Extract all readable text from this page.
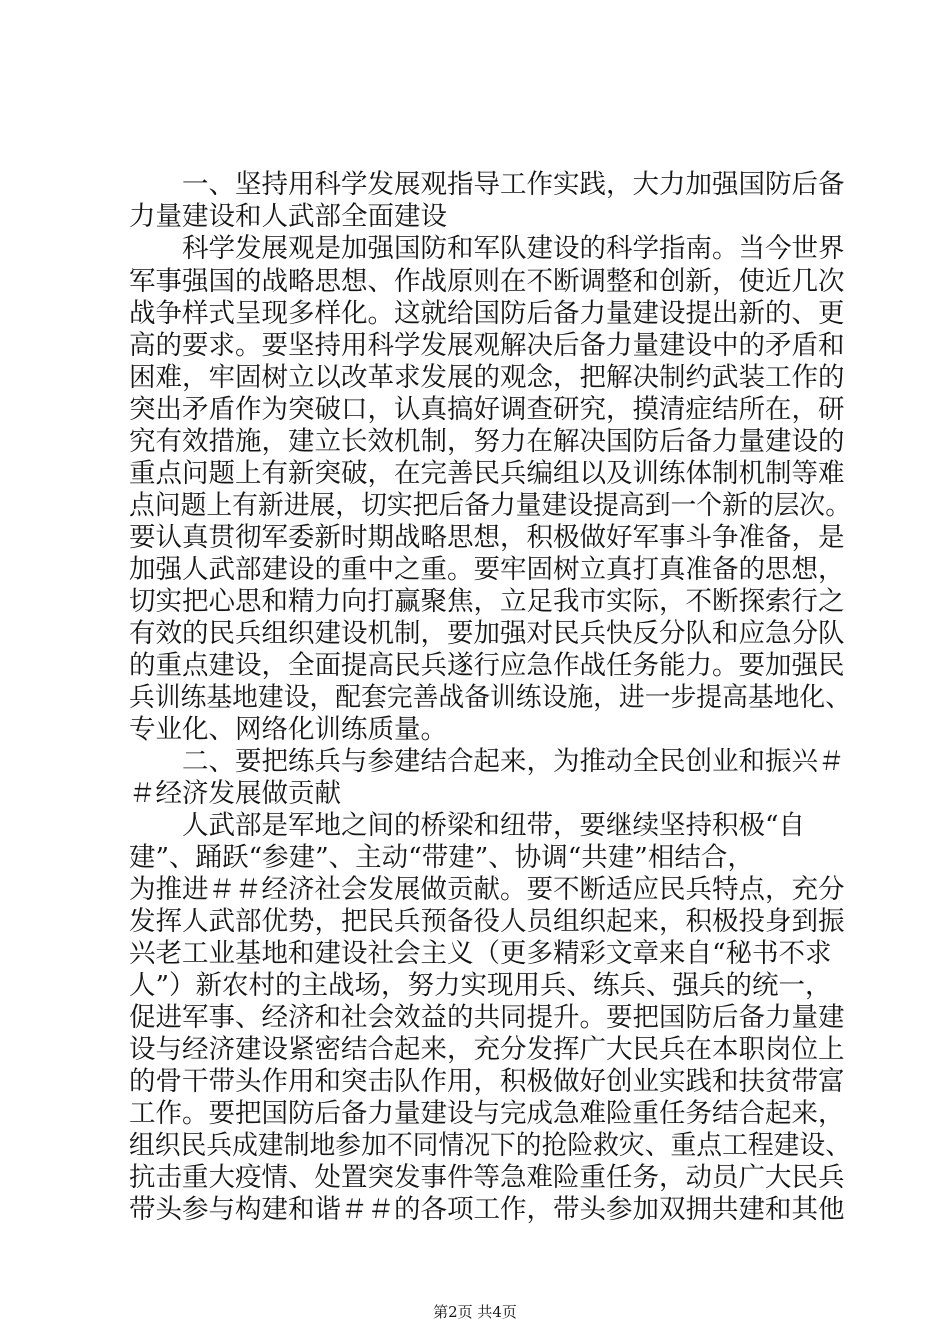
　　一、坚持用科学发展观指导工作实践，大力加强国防后备
力量建设和人武部全面建设
　　科学发展观是加强国防和军队建设的科学指南。当今世界
军事强国的战略思想、作战原则在不断调整和创新，使近几次
战争样式呈现多样化。这就给国防后备力量建设提出新的、更
高的要求。要坚持用科学发展观解决后备力量建设中的矛盾和
困难，牢固树立以改革求发展的观念，把解决制约武装工作的
突出矛盾作为突破口，认真搞好调查研究，摸清症结所在，研
究有效措施，建立长效机制，努力在解决国防后备力量建设的
重点问题上有新突破，在完善民兵编组以及训练体制机制等难
点问题上有新进展，切实把后备力量建设提高到一个新的层次。
要认真贯彻军委新时期战略思想，积极做好军事斗争准备，是
加强人武部建设的重中之重。要牢固树立真打真准备的思想，
切实把心思和精力向打赢聚焦，立足我市实际，不断探索行之
有效的民兵组织建设机制，要加强对民兵快反分队和应急分队
的重点建设，全面提高民兵遂行应急作战任务能力。要加强民
兵训练基地建设，配套完善战备训练设施，进一步提高基地化、
专业化、网络化训练质量。
　　二、要把练兵与参建结合起来，为推动全民创业和振兴＃
＃经济发展做贡献
　　人武部是军地之间的桥梁和纽带，要继续坚持积极“自
建”、踊跃“参建”、主动“带建”、协调“共建”相结合，
为推进＃＃经济社会发展做贡献。要不断适应民兵特点，充分
发挥人武部优势，把民兵预备役人员组织起来，积极投身到振
兴老工业基地和建设社会主义（更多精彩文章来自“秘书不求
人”）新农村的主战场，努力实现用兵、练兵、强兵的统一，
促进军事、经济和社会效益的共同提升。要把国防后备力量建
设与经济建设紧密结合起来，充分发挥广大民兵在本职岗位上
的骨干带头作用和突击队作用，积极做好创业实践和扶贫带富
工作。要把国防后备力量建设与完成急难险重任务结合起来，
组织民兵成建制地参加不同情况下的抢险救灾、重点工程建设、
抗击重大疫情、处置突发事件等急难险重任务，动员广大民兵
带头参与构建和谐＃＃的各项工作，带头参加双拥共建和其他
第2页 共4页
